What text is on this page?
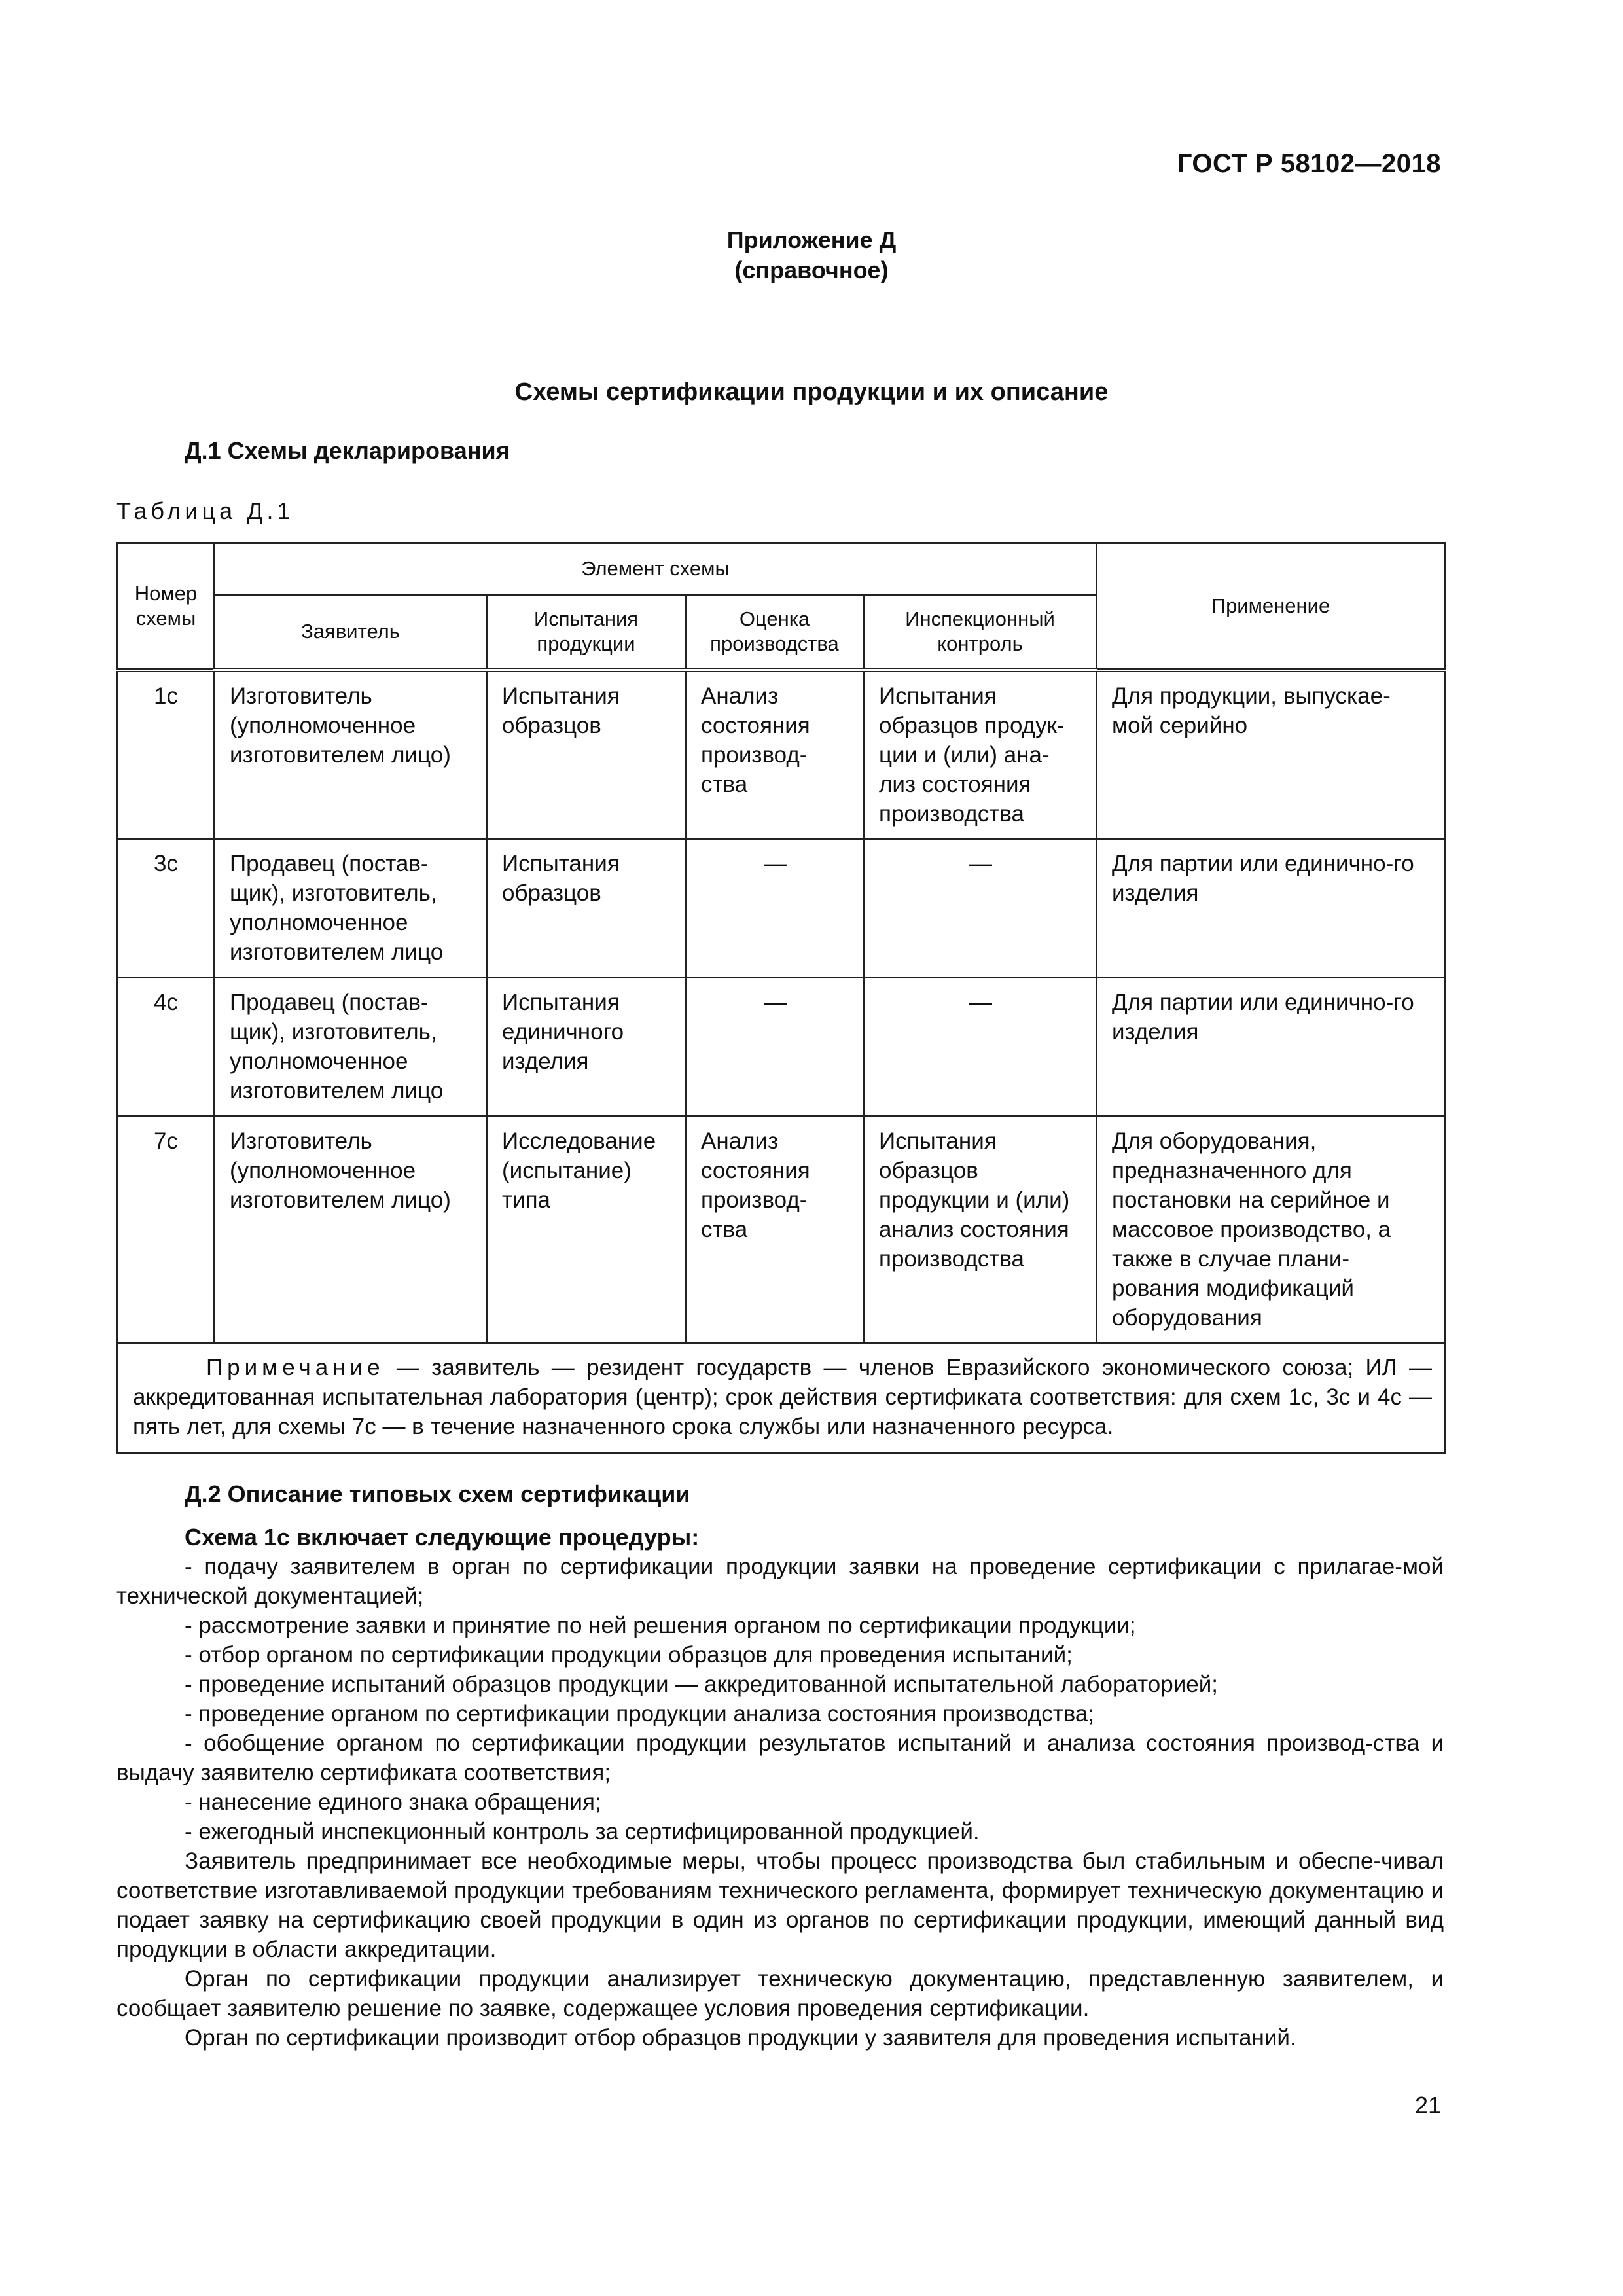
ГОСТ Р 58102—2018
Приложение Д
(справочное)
Схемы сертификации продукции и их описание
Д.1 Схемы декларирования
Таблица Д.1
Номер схемы	Элемент схемы				Применение
	Заявитель	Испытания продукции	Оценка производства	Инспекционный контроль	
1с	Изготовитель (уполномоченное изготовителем лицо)	Испытания образцов	Анализ состояния производ-ства	Испытания образцов продук-ции и (или) ана-лиз состояния производства	Для продукции, выпускае-мой серийно
3с	Продавец (постав-щик), изготовитель, уполномоченное изготовителем лицо	Испытания образцов	—	—	Для партии или единично-го изделия
4с	Продавец (постав-щик), изготовитель, уполномоченное изготовителем лицо	Испытания единичного изделия	—	—	Для партии или единично-го изделия
7с	Изготовитель (уполномоченное изготовителем лицо)	Исследование (испытание) типа	Анализ состояния производ-ства	Испытания образцов продукции и (или) анализ состояния производства	Для оборудования, предназначенного для постановки на серийное и массовое производство, а также в случае плани-рования модификаций оборудования
Примечание — заявитель — резидент государств — членов Евразийского экономического союза; ИЛ — аккредитованная испытательная лаборатория (центр); срок действия сертификата соответствия: для схем 1с, 3с и 4с — пять лет, для схемы 7с — в течение назначенного срока службы или назначенного ресурса.					
Д.2 Описание типовых схем сертификации

Схема 1с включает следующие процедуры:

- подачу заявителем в орган по сертификации продукции заявки на проведение сертификации с прилагае-мой технической документацией;

- рассмотрение заявки и принятие по ней решения органом по сертификации продукции;

- отбор органом по сертификации продукции образцов для проведения испытаний;

- проведение испытаний образцов продукции — аккредитованной испытательной лабораторией;

- проведение органом по сертификации продукции анализа состояния производства;

- обобщение органом по сертификации продукции результатов испытаний и анализа состояния производ-ства и выдачу заявителю сертификата соответствия;

- нанесение единого знака обращения;

- ежегодный инспекционный контроль за сертифицированной продукцией.

Заявитель предпринимает все необходимые меры, чтобы процесс производства был стабильным и обеспе-чивал соответствие изготавливаемой продукции требованиям технического регламента, формирует техническую документацию и подает заявку на сертификацию своей продукции в один из органов по сертификации продукции, имеющий данный вид продукции в области аккредитации.

Орган по сертификации продукции анализирует техническую документацию, представленную заявителем, и сообщает заявителю решение по заявке, содержащее условия проведения сертификации.

Орган по сертификации производит отбор образцов продукции у заявителя для проведения испытаний.

21
